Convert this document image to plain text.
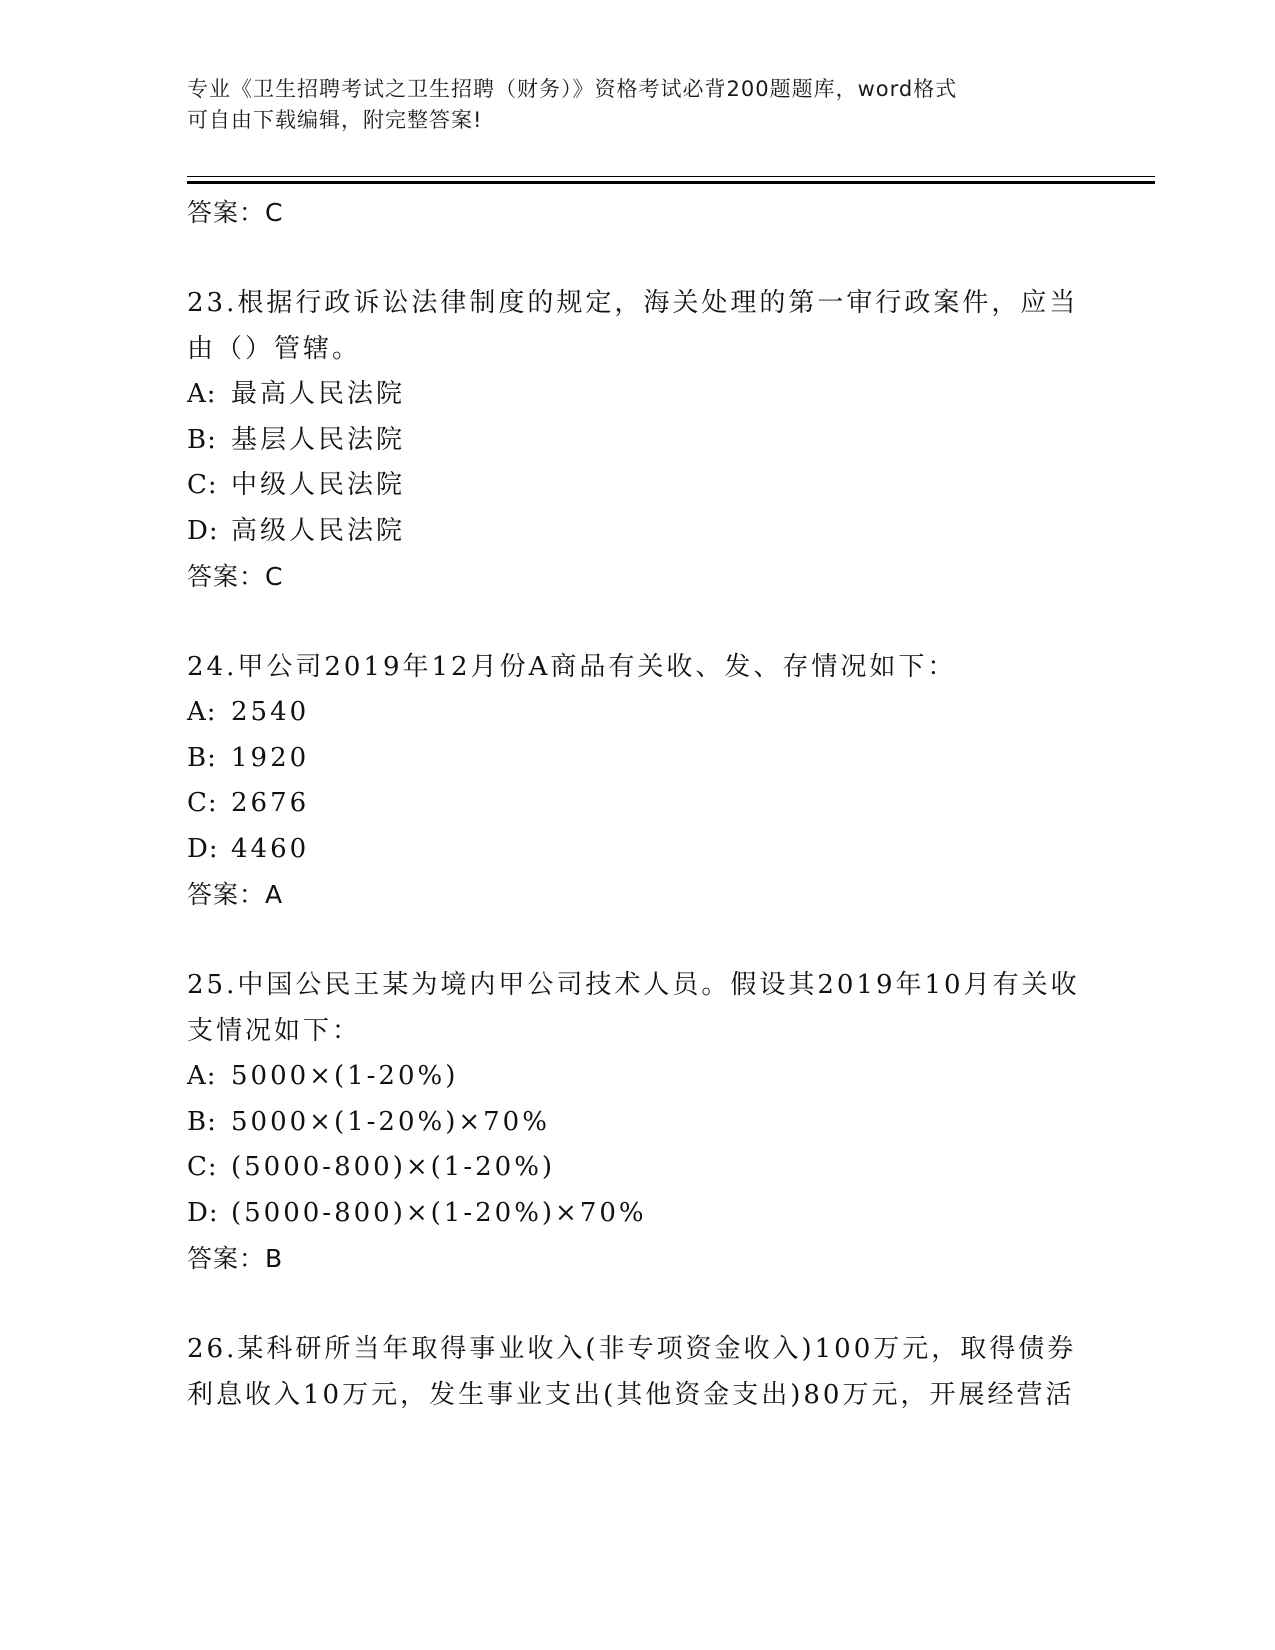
专业《卫生招聘考试之卫生招聘（财务）》资格考试必背200题题库，word格式
可自由下载编辑，附完整答案!
答案：C
23.根据行政诉讼法律制度的规定，海关处理的第一审行政案件，应当
由（）管辖。
A: 最高人民法院
B: 基层人民法院
C: 中级人民法院
D: 高级人民法院
答案：C
24.甲公司2019年12月份A商品有关收、发、存情况如下：
A: 2540
B: 1920
C: 2676
D: 4460
答案：A
25.中国公民王某为境内甲公司技术人员。假设其2019年10月有关收
支情况如下：
A: 5000×(1-20%)
B: 5000×(1-20%)×70%
C: (5000-800)×(1-20%)
D: (5000-800)×(1-20%)×70%
答案：B
26.某科研所当年取得事业收入(非专项资金收入)100万元，取得债券
利息收入10万元，发生事业支出(其他资金支出)80万元，开展经营活
